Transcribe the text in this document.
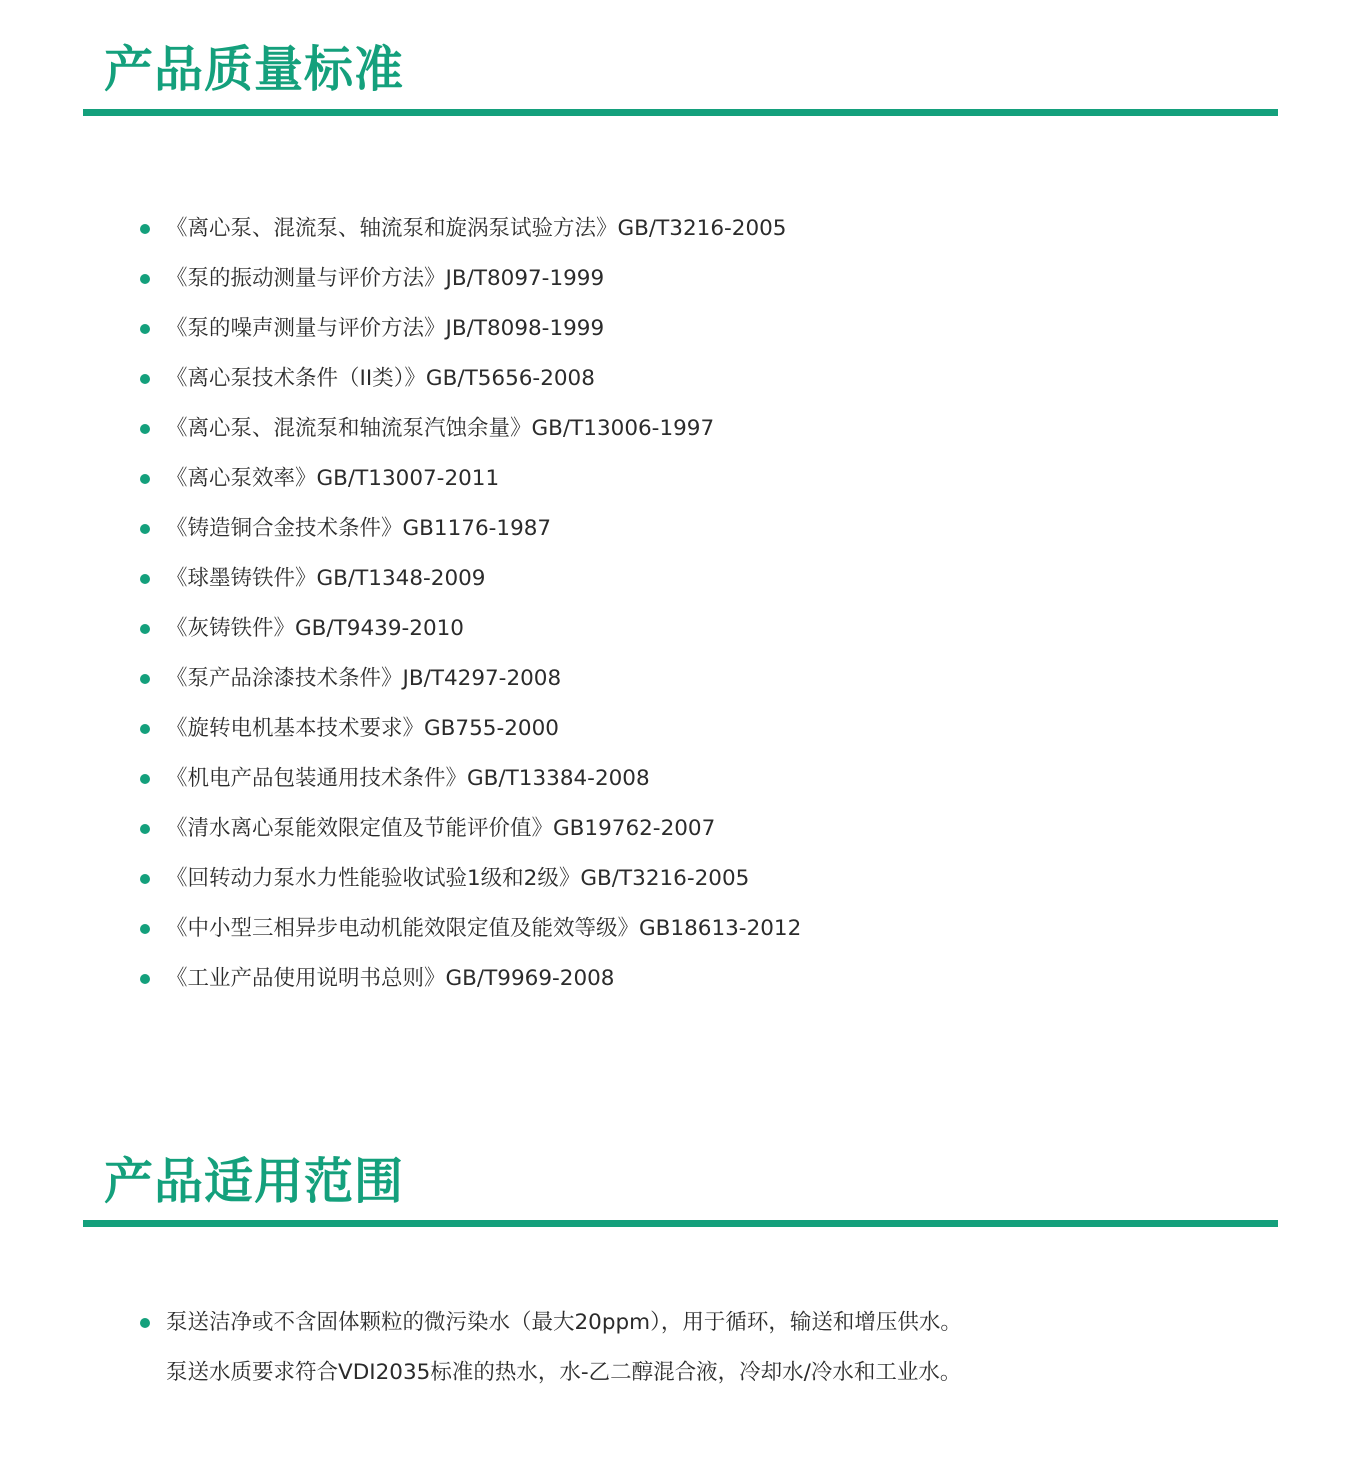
产品质量标准
《离心泵、混流泵、轴流泵和旋涡泵试验方法》GB/T3216-2005
《泵的振动测量与评价方法》JB/T8097-1999
《泵的噪声测量与评价方法》JB/T8098-1999
《离心泵技术条件（II类）》GB/T5656-2008
《离心泵、混流泵和轴流泵汽蚀余量》GB/T13006-1997
《离心泵效率》GB/T13007-2011
《铸造铜合金技术条件》GB1176-1987
《球墨铸铁件》GB/T1348-2009
《灰铸铁件》GB/T9439-2010
《泵产品涂漆技术条件》JB/T4297-2008
《旋转电机基本技术要求》GB755-2000
《机电产品包装通用技术条件》GB/T13384-2008
《清水离心泵能效限定值及节能评价值》GB19762-2007
《回转动力泵水力性能验收试验1级和2级》GB/T3216-2005
《中小型三相异步电动机能效限定值及能效等级》GB18613-2012
《工业产品使用说明书总则》GB/T9969-2008
产品适用范围
泵送洁净或不含固体颗粒的微污染水（最大20ppm），用于循环，输送和增压供水。
泵送水质要求符合VDI2035标准的热水，水-乙二醇混合液，冷却水/冷水和工业水。
